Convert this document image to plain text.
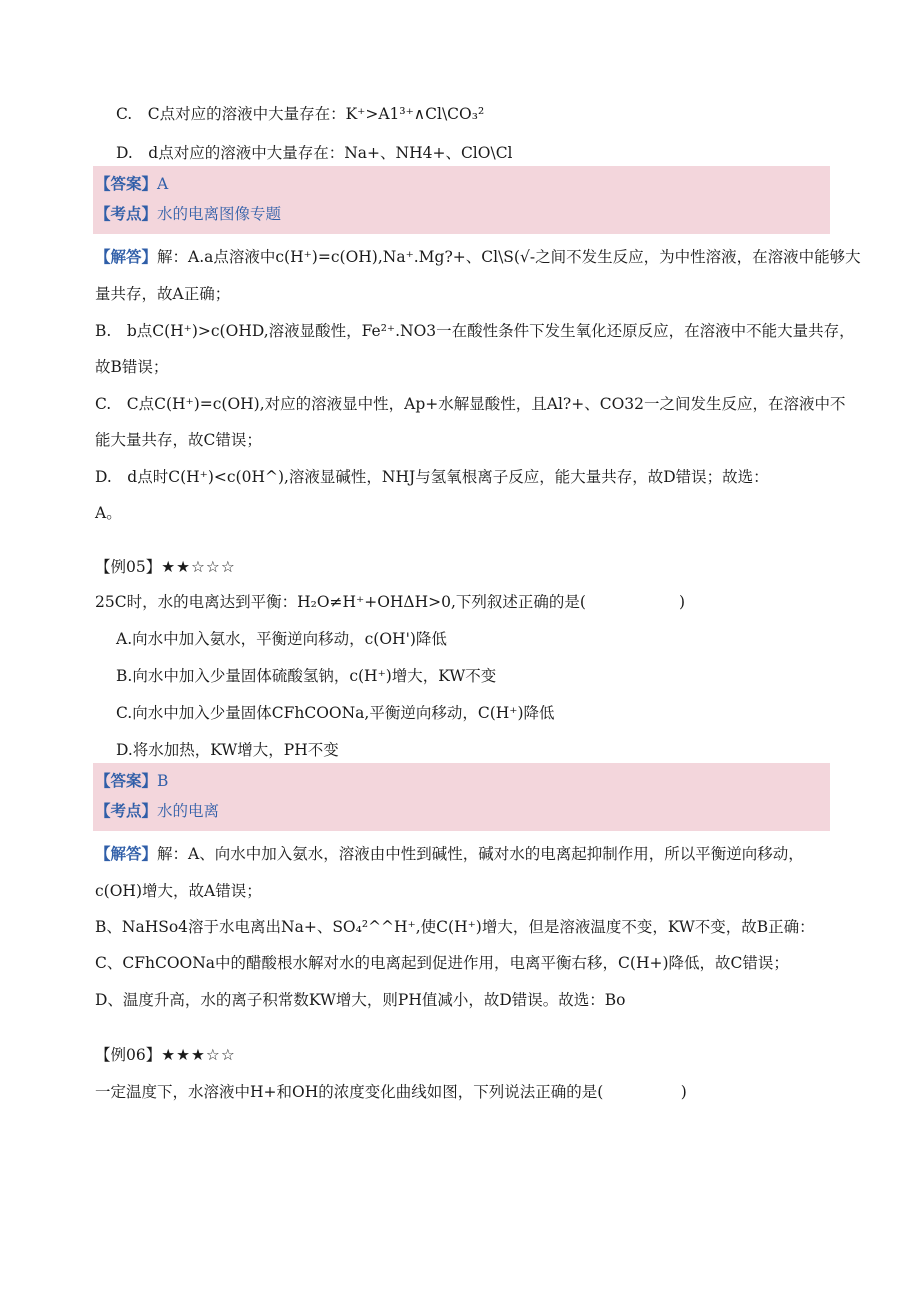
C.　C点对应的溶液中大量存在：K⁺>A1³⁺∧Cl\CO₃²
D.　d点对应的溶液中大量存在：Na+、NH4+、ClO\Cl
【答案】A
【考点】水的电离图像专题
【解答】解：A.a点溶液中c(H⁺)=c(OH),Na⁺.Mg?+、Cl\S(√-之间不发生反应，为中性溶液，在溶液中能够大
量共存，故A正确；
B.　b点C(H⁺)>c(OHD,溶液显酸性，Fe²⁺.NO3一在酸性条件下发生氧化还原反应，在溶液中不能大量共存，
故B错误；
C.　C点C(H⁺)=c(OH),对应的溶液显中性，Ap+水解显酸性，且Al?+、CO32一之间发生反应，在溶液中不
能大量共存，故C错误；
D.　d点时C(H⁺)<c(0H^),溶液显碱性，NHJ与氢氧根离子反应，能大量共存，故D错误；故选：
A。
【例05】★★☆☆☆
25C时，水的电离达到平衡：H₂O≠H⁺+OHΔH>0,下列叙述正确的是(　　　　　　)
A.向水中加入氨水，平衡逆向移动，c(OH')降低
B.向水中加入少量固体硫酸氢钠，c(H⁺)增大，KW不变
C.向水中加入少量固体CFhCOONa,平衡逆向移动，C(H⁺)降低
D.将水加热，KW增大，PH不变
【答案】B
【考点】水的电离
【解答】解：A、向水中加入氨水，溶液由中性到碱性，碱对水的电离起抑制作用，所以平衡逆向移动，
c(OH)增大，故A错误；
B、NaHSo4溶于水电离出Na+、SO₄²^^H⁺,使C(H⁺)增大，但是溶液温度不变，KW不变，故B正确：
C、CFhCOONa中的醋酸根水解对水的电离起到促进作用，电离平衡右移，C(H+)降低，故C错误；
D、温度升高，水的离子积常数KW增大，则PH值减小，故D错误。故选：Bo
【例06】★★★☆☆
一定温度下，水溶液中H+和OH的浓度变化曲线如图，下列说法正确的是(　　　　　)
